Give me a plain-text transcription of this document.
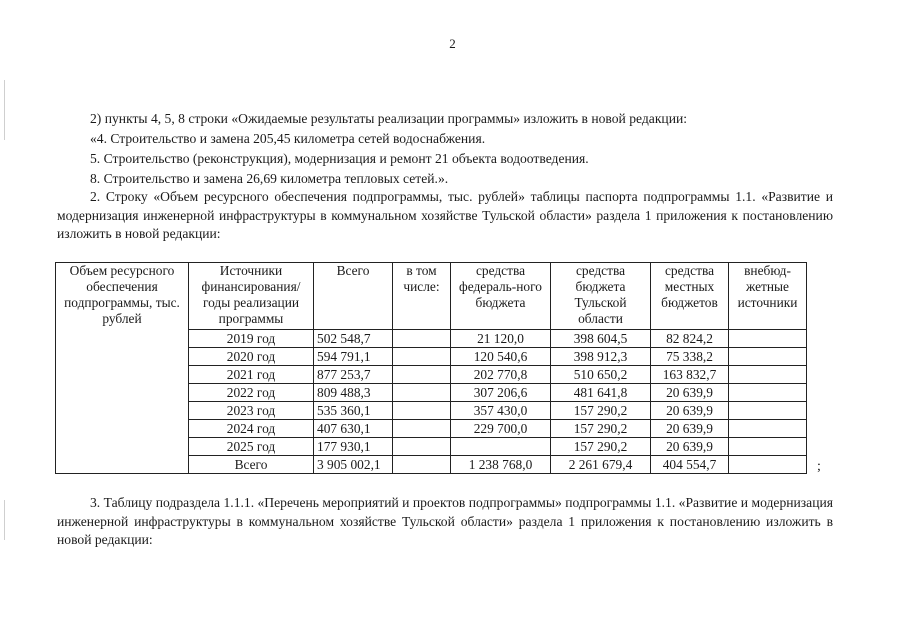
2
2) пункты 4, 5, 8 строки «Ожидаемые результаты реализации программы» изложить в новой редакции:
«4. Строительство и замена 205,45 километра сетей водоснабжения.
5. Строительство (реконструкция), модернизация и ремонт 21 объекта водоотведения.
8. Строительство и замена 26,69 километра тепловых сетей.».
2. Строку «Объем ресурсного обеспечения подпрограммы, тыс. рублей» таблицы паспорта подпрограммы 1.1. «Развитие и модернизация инженерной инфраструктуры в коммунальном хозяйстве Тульской области» раздела 1 приложения к постановлению изложить в новой редакции:
Объем ресурсного обеспечения подпрограммы, тыс. рублей	Источники финансирования/ годы реализации программы	Всего	в том числе:	средства федераль-ного бюджета	средства бюджета Тульской области	средства местных бюджетов	внебюд-жетные источники
	2019 год	502 548,7		21 120,0	398 604,5	82 824,2	
	2020 год	594 791,1		120 540,6	398 912,3	75 338,2	
	2021 год	877 253,7		202 770,8	510 650,2	163 832,7	
	2022 год	809 488,3		307 206,6	481 641,8	20 639,9	
	2023 год	535 360,1		357 430,0	157 290,2	20 639,9	
	2024 год	407 630,1		229 700,0	157 290,2	20 639,9	
	2025 год	177 930,1			157 290,2	20 639,9	
	Всего	3 905 002,1		1 238 768,0	2 261 679,4	404 554,7		;
3. Таблицу подраздела 1.1.1. «Перечень мероприятий и проектов подпрограммы» подпрограммы 1.1. «Развитие и модернизация инженерной инфраструктуры в коммунальном хозяйстве Тульской области» раздела 1 приложения к постановлению изложить в новой редакции:
